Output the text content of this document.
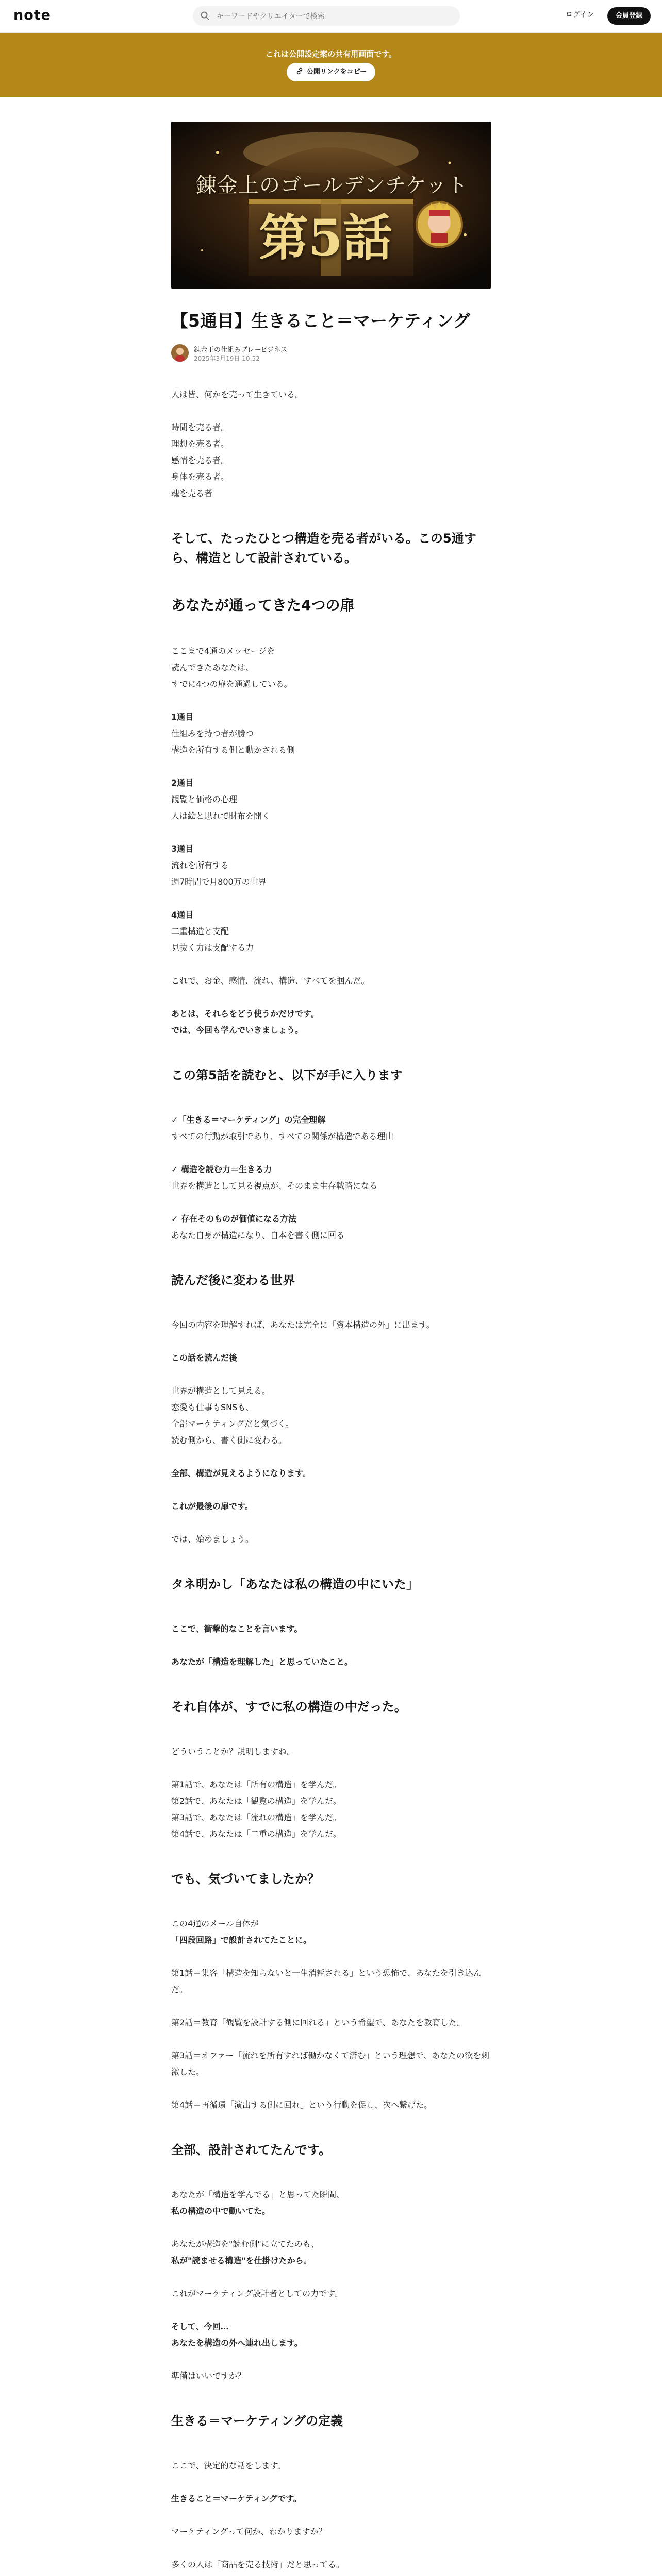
note
キーワードやクリエイターで検索	ログイン	会員登録
これは公開設定案の共有用画面です。
公開リンクをコピー
錬金上のゴールデンチケット
第5話
【5通目】生きること＝マーケティング
錬金王の仕組みブレービジネス
2025年3月19日 10:52
人は皆、何かを売って生きている。
時間を売る者。
理想を売る者。
感情を売る者。
身体を売る者。
魂を売る者
そして、たったひとつ構造を売る者がいる。この5通すら、構造として設計されている。
あなたが通ってきた4つの扉
ここまで4通のメッセージを
読んできたあなたは、
すでに4つの扉を通過している。
1通目
仕組みを持つ者が勝つ
構造を所有する側と動かされる側
2通目
観覧と価格の心理
人は絵と思れで財布を開く
3通目
流れを所有する
週7時間で月800万の世界
4通目
二重構造と支配
見抜く力は支配する力
これで、お金、感情、流れ、構造、すべてを掴んだ。
あとは、それらをどう使うかだけです。
では、今回も学んでいきましょう。
この第5話を読むと、以下が手に入ります
✓「生きる＝マーケティング」の完全理解
すべての行動が取引であり、すべての関係が構造である理由
✓ 構造を読む力＝生きる力
世界を構造として見る視点が、そのまま生存戦略になる
✓ 存在そのものが価値になる方法
あなた自身が構造になり、自本を書く側に回る
読んだ後に変わる世界
今回の内容を理解すれば、あなたは完全に「資本構造の外」に出ます。
この話を読んだ後
世界が構造として見える。
恋愛も仕事もSNSも、
全部マーケティングだと気づく。
読む側から、書く側に変わる。
全部、構造が見えるようになります。
これが最後の扉です。
では、始めましょう。
タネ明かし「あなたは私の構造の中にいた」
ここで、衝撃的なことを言います。
あなたが「構造を理解した」と思っていたこと。
それ自体が、すでに私の構造の中だった。
どういうことか？説明しますね。
第1話で、あなたは「所有の構造」を学んだ。
第2話で、あなたは「観覧の構造」を学んだ。
第3話で、あなたは「流れの構造」を学んだ。
第4話で、あなたは「二重の構造」を学んだ。
でも、気づいてましたか？
この4通のメール自体が
「四段回路」で設計されてたことに。
第1話＝集客「構造を知らないと一生消耗される」という恐怖で、あなたを引き込んだ。
第2話＝教育「観覧を設計する側に回れる」という希望で、あなたを教育した。
第3話＝オファー「流れを所有すれば働かなくて済む」という理想で、あなたの欲を刺激した。
第4話＝再循環「演出する側に回れ」という行動を促し、次へ繋げた。
全部、設計されてたんです。
あなたが「構造を学んでる」と思ってた瞬間、
私の構造の中で動いてた。
あなたが構造を"読む側"に立てたのも、
私が"読ませる構造"を仕掛けたから。
これがマーケティング設計者としての力です。
そして、今回…
あなたを構造の外へ連れ出します。
準備はいいですか？
生きる＝マーケティングの定義
ここで、決定的な話をします。
生きること＝マーケティングです。
マーケティングって何か、わかりますか？
多くの人は「商品を売る技術」だと思ってる。
